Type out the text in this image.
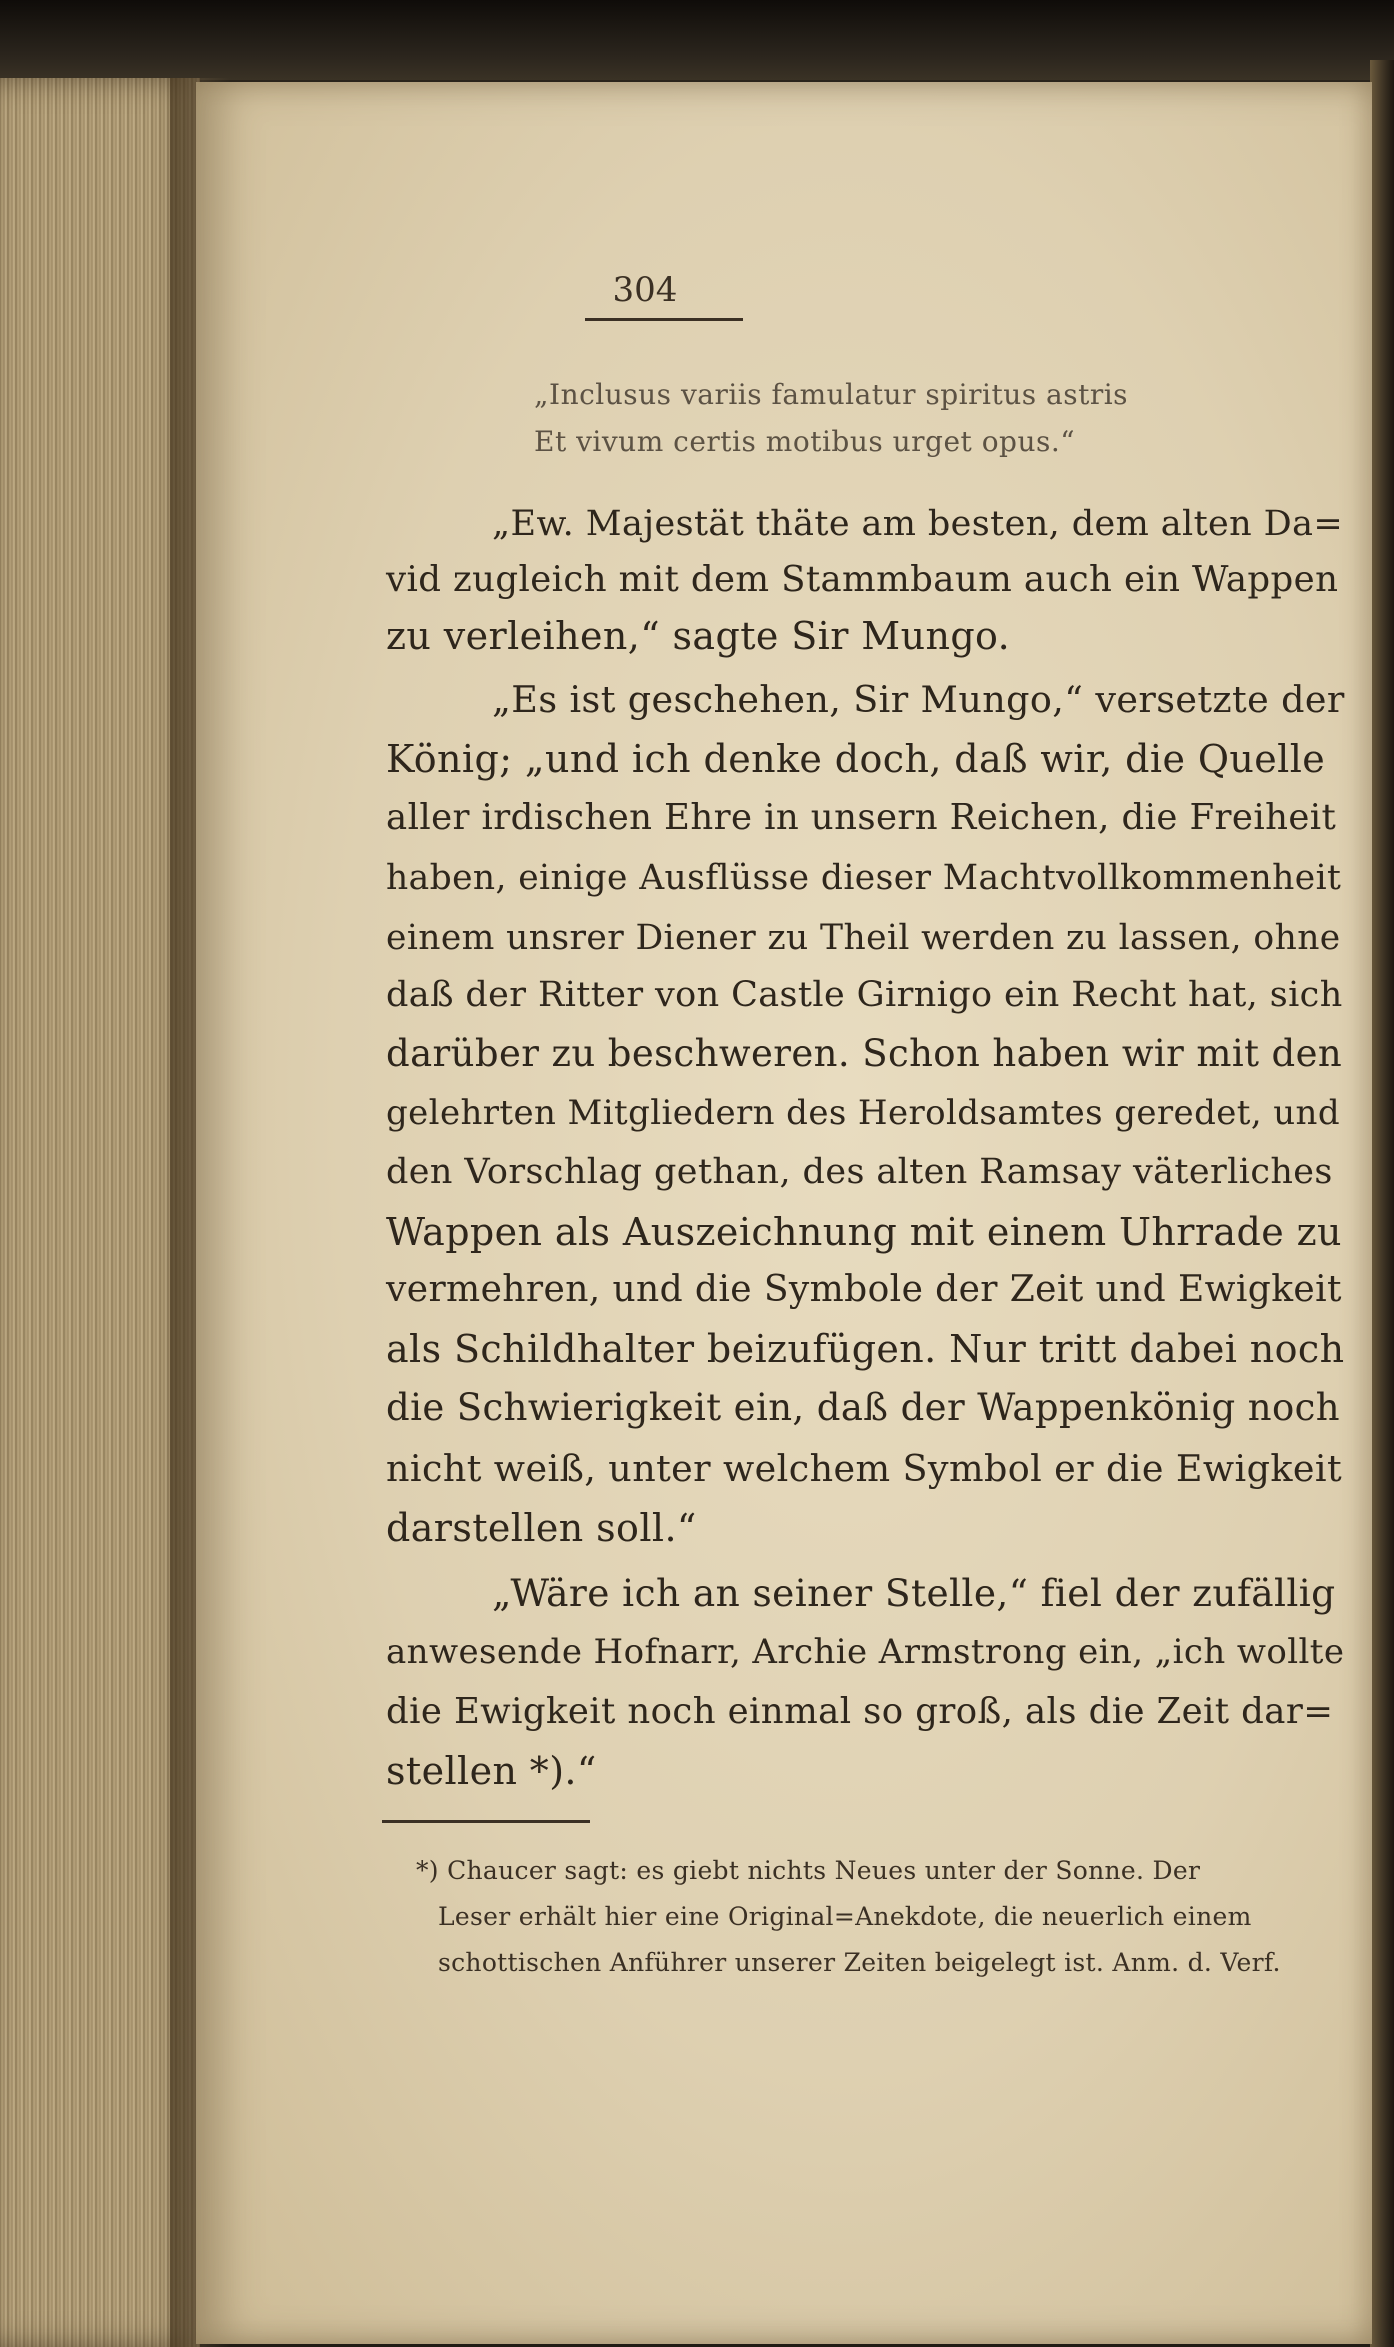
304
„Inclusus variis famulatur spiritus astris
Et vivum certis motibus urget opus.“
„Ew. Majestät thäte am besten, dem alten Da=
vid zugleich mit dem Stammbaum auch ein Wappen
zu verleihen,“ sagte Sir Mungo.
„Es ist geschehen, Sir Mungo,“ versetzte der
König; „und ich denke doch, daß wir, die Quelle
aller irdischen Ehre in unsern Reichen, die Freiheit
haben, einige Ausflüsse dieser Machtvollkommenheit
einem unsrer Diener zu Theil werden zu lassen, ohne
daß der Ritter von Castle Girnigo ein Recht hat, sich
darüber zu beschweren. Schon haben wir mit den
gelehrten Mitgliedern des Heroldsamtes geredet, und
den Vorschlag gethan, des alten Ramsay väterliches
Wappen als Auszeichnung mit einem Uhrrade zu
vermehren, und die Symbole der Zeit und Ewigkeit
als Schildhalter beizufügen. Nur tritt dabei noch
die Schwierigkeit ein, daß der Wappenkönig noch
nicht weiß, unter welchem Symbol er die Ewigkeit
darstellen soll.“
„Wäre ich an seiner Stelle,“ fiel der zufällig
anwesende Hofnarr, Archie Armstrong ein, „ich wollte
die Ewigkeit noch einmal so groß, als die Zeit dar=
stellen *).“
*) Chaucer sagt: es giebt nichts Neues unter der Sonne. Der
Leser erhält hier eine Original=Anekdote, die neuerlich einem
schottischen Anführer unserer Zeiten beigelegt ist. Anm. d. Verf.
